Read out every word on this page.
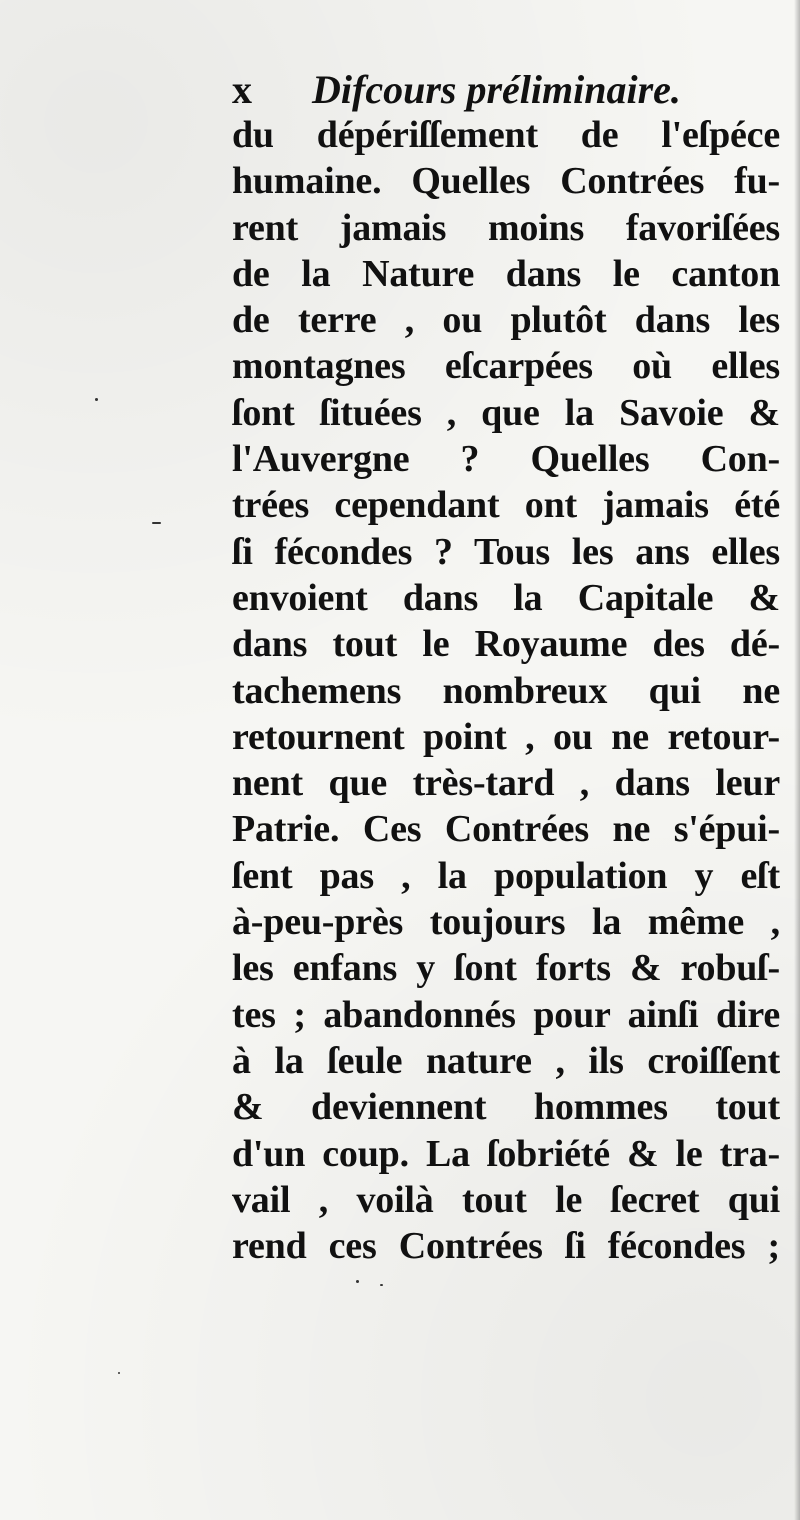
x Difcours préliminaire.
du dépériſſement de l'eſpéce
humaine. Quelles Contrées fu-
rent jamais moins favoriſées
de la Nature dans le canton
de terre , ou plutôt dans les
montagnes eſcarpées où elles
ſont ſituées , que la Savoie &
l'Auvergne ? Quelles Con-
trées cependant ont jamais été
ſi fécondes ? Tous les ans elles
envoient dans la Capitale &
dans tout le Royaume des dé-
tachemens nombreux qui ne
retournent point , ou ne retour-
nent que très-tard , dans leur
Patrie. Ces Contrées ne s'épui-
ſent pas , la population y eſt
à-peu-près toujours la même ,
les enfans y ſont forts & robuſ-
tes ; abandonnés pour ainſi dire
à la ſeule nature , ils croiſſent
& deviennent hommes tout
d'un coup. La ſobriété & le tra-
vail , voilà tout le ſecret qui
rend ces Contrées ſi fécondes ;
